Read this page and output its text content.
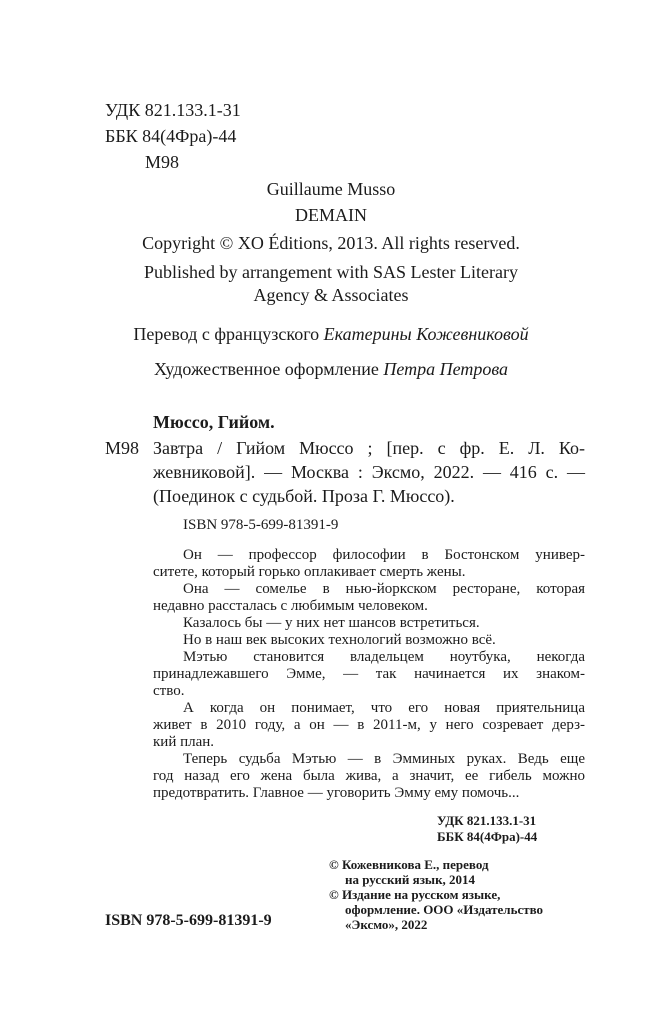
УДК 821.133.1-31
ББК 84(4Фра)-44
М98
Guillaume Musso
DEMAIN
Copyright © XO Éditions, 2013. All rights reserved.
Published by arrangement with SAS Lester Literary
Agency & Associates
Перевод с французского Екатерины Кожевниковой
Художественное оформление Петра Петрова
Мюссо, Гийом.
М98 Завтра / Гийом Мюссо ; [пер. с фр. Е. Л. Ко-
жевниковой]. — Москва : Эксмо, 2022. — 416 с. —
(Поединок с судьбой. Проза Г. Мюссо).
ISBN 978-5-699-81391-9
Он — профессор философии в Бостонском универ-
ситете, который горько оплакивает смерть жены.
Она — сомелье в нью-йоркском ресторане, которая
недавно рассталась с любимым человеком.
Казалось бы — у них нет шансов встретиться.
Но в наш век высоких технологий возможно всё.
Мэтью становится владельцем ноутбука, некогда
принадлежавшего Эмме, — так начинается их знаком-
ство.
А когда он понимает, что его новая приятельница
живет в 2010 году, а он — в 2011-м, у него созревает дерз-
кий план.
Теперь судьба Мэтью — в Эмминых руках. Ведь еще
год назад его жена была жива, а значит, ее гибель можно
предотвратить. Главное — уговорить Эмму ему помочь...
УДК 821.133.1-31
ББК 84(4Фра)-44
© Кожевникова Е., перевод
на русский язык, 2014
© Издание на русском языке,
оформление. ООО «Издательство
«Эксмо», 2022
ISBN 978-5-699-81391-9
